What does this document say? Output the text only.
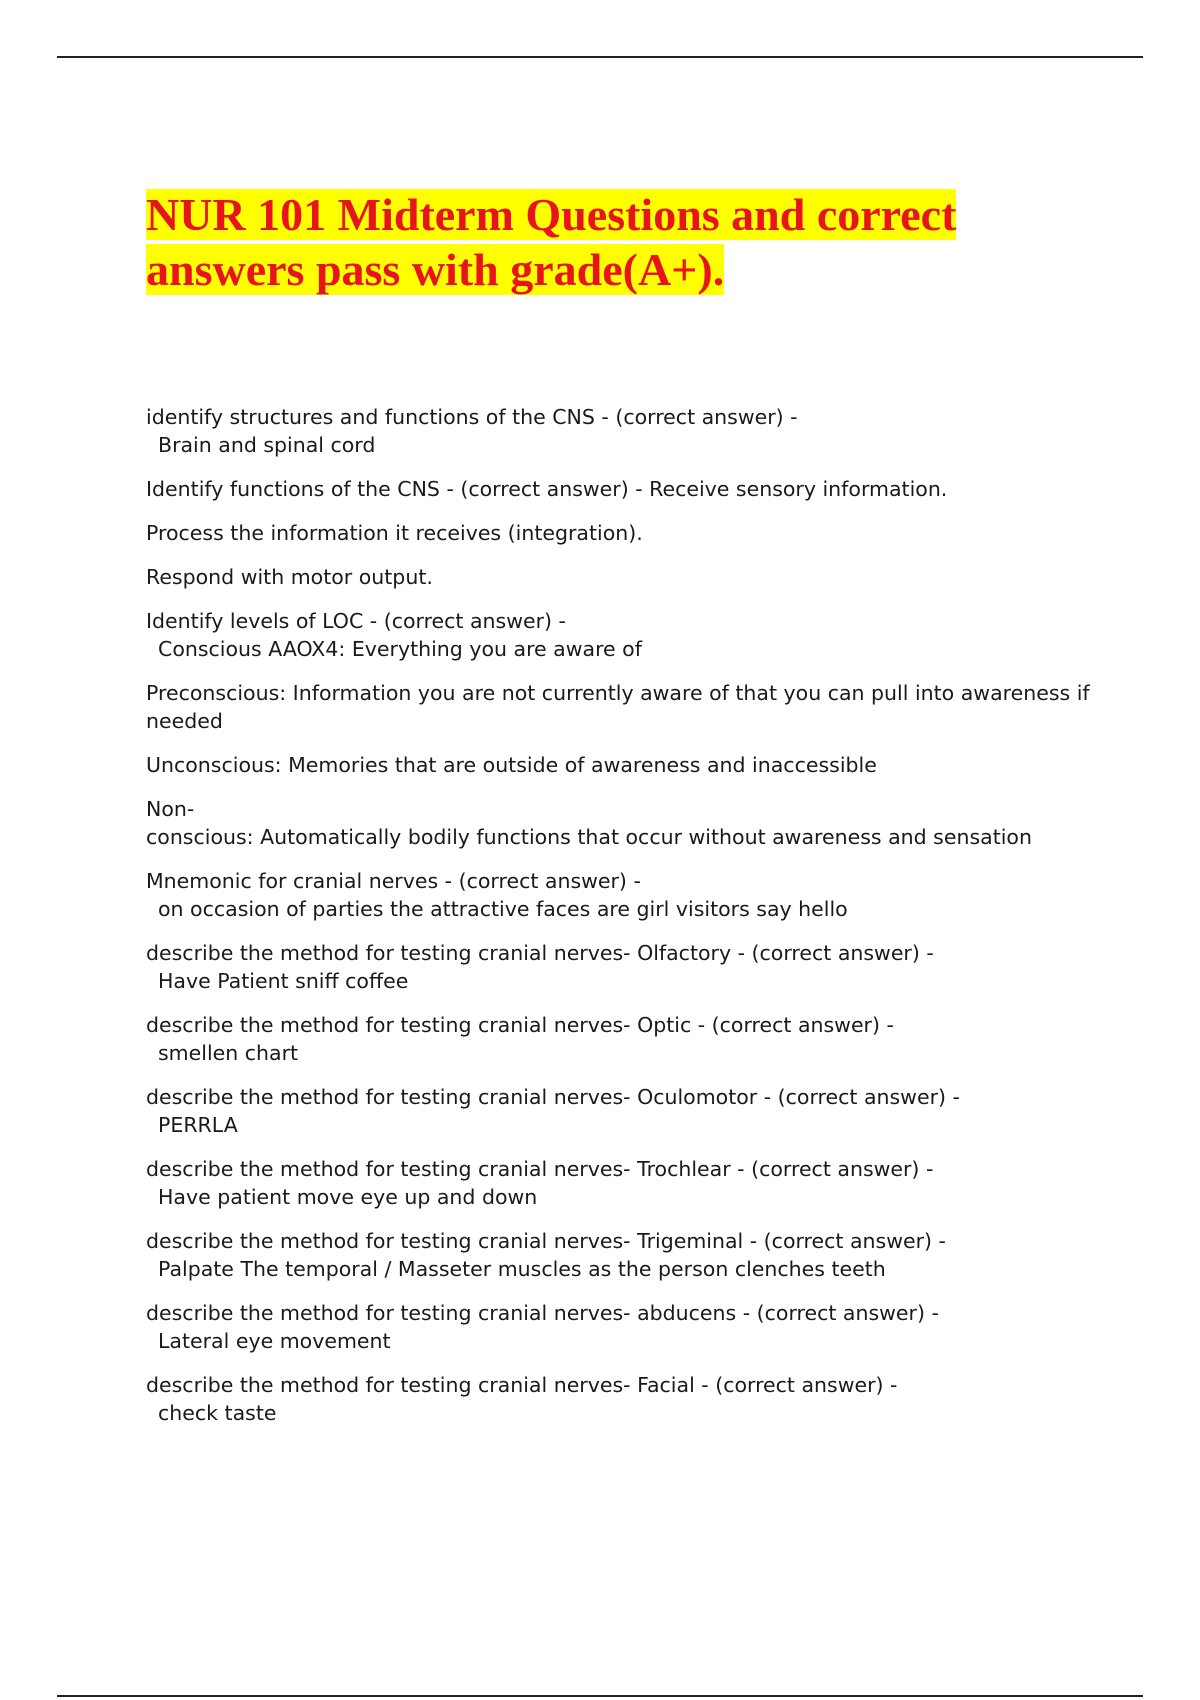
NUR 101 Midterm Questions and correct answers pass with grade(A+).

identify structures and functions of the CNS - (correct answer) -
Brain and spinal cord

Identify functions of the CNS - (correct answer) - Receive sensory information.

Process the information it receives (integration).

Respond with motor output.

Identify levels of LOC - (correct answer) -
Conscious AAOX4: Everything you are aware of

Preconscious: Information you are not currently aware of that you can pull into awareness if needed

Unconscious: Memories that are outside of awareness and inaccessible

Non-
conscious: Automatically bodily functions that occur without awareness and sensation

Mnemonic for cranial nerves - (correct answer) -
on occasion of parties the attractive faces are girl visitors say hello

describe the method for testing cranial nerves- Olfactory - (correct answer) -
Have Patient sniff coffee

describe the method for testing cranial nerves- Optic - (correct answer) -
smellen chart

describe the method for testing cranial nerves- Oculomotor - (correct answer) -
PERRLA

describe the method for testing cranial nerves- Trochlear - (correct answer) -
Have patient move eye up and down

describe the method for testing cranial nerves- Trigeminal - (correct answer) -
Palpate The temporal / Masseter muscles as the person clenches teeth

describe the method for testing cranial nerves- abducens - (correct answer) -
Lateral eye movement

describe the method for testing cranial nerves- Facial - (correct answer) -
check taste
